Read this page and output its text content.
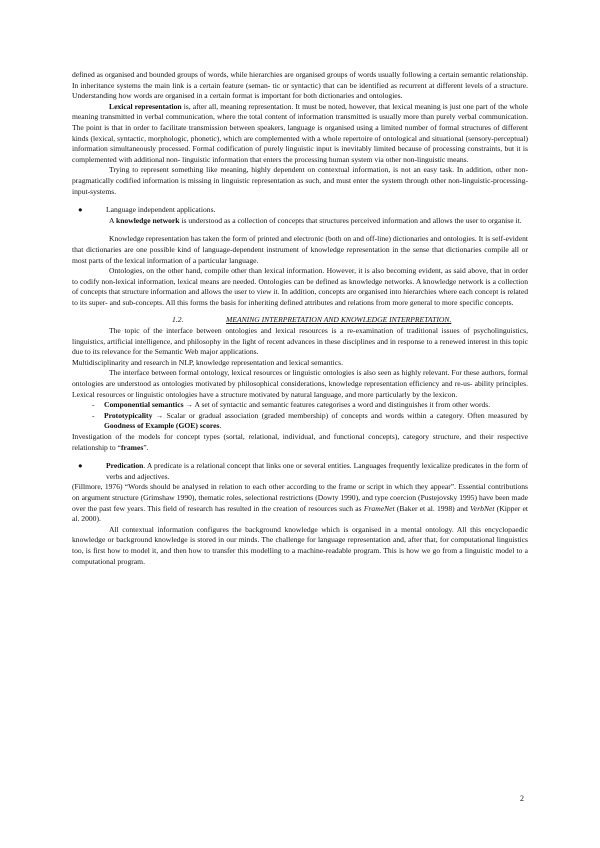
defined as organised and bounded groups of words, while hierarchies are organised groups of words usually following a certain semantic relationship. In inheritance systems the main link is a certain feature (seman- tic or syntactic) that can be identified as recurrent at different levels of a structure. Understanding how words are organised in a certain format is important for both dictionaries and ontologies.

Lexical representation is, after all, meaning representation. It must be noted, however, that lexical meaning is just one part of the whole meaning transmitted in verbal communication, where the total content of information transmitted is usually more than purely verbal communication. The point is that in order to facilitate transmission between speakers, language is organised using a limited number of formal structures of different kinds (lexical, syntactic, morphologic, phonetic), which are complemented with a whole repertoire of ontological and situational (sensory-perceptual) information simultaneously processed. Formal codification of purely linguistic input is inevitably limited because of processing constraints, but it is complemented with additional non- linguistic information that enters the processing human system via other non-linguistic means.

Trying to represent something like meaning, highly dependent on contextual information, is not an easy task. In addition, other non-pragmatically codified information is missing in linguistic representation as such, and must enter the system through other non-linguistic-processing-input-systems.

●	Language independent applications.

A knowledge network is understood as a collection of concepts that structures perceived information and allows the user to organise it.

Knowledge representation has taken the form of printed and electronic (both on and off-line) dictionaries and ontologies. It is self-evident that dictionaries are one possible kind of language-dependent instrument of knowledge representation in the sense that dictionaries compile all or most parts of the lexical information of a particular language.

Ontologies, on the other hand, compile other than lexical information. However, it is also becoming evident, as said above, that in order to codify non-lexical information, lexical means are needed. Ontologies can be defined as knowledge networks. A knowledge network is a collection of concepts that structure information and allows the user to view it. In addition, concepts are organised into hierarchies where each concept is related to its super- and sub-concepts. All this forms the basis for inheriting defined attributes and relations from more general to more specific concepts.

1.2.	MEANING INTERPRETATION AND KNOWLEDGE INTERPRETATION.

The topic of the interface between ontologies and lexical resources is a re-examination of traditional issues of psycholinguistics, linguistics, artificial intelligence, and philosophy in the light of recent advances in these disciplines and in response to a renewed interest in this topic due to its relevance for the Semantic Web major applications.

Multidisciplinarity and research in NLP, knowledge representation and lexical semantics.

The interface between formal ontology, lexical resources or linguistic ontologies is also seen as highly relevant. For these authors, formal ontologies are understood as ontologies motivated by philosophical considerations, knowledge representation efficiency and re-us- ability principles. Lexical resources or linguistic ontologies have a structure motivated by natural language, and more particularly by the lexicon.

-	Componential semantics → A set of syntactic and semantic features categorises a word and distinguishes it from other words.
-	Prototypicality → Scalar or gradual association (graded membership) of concepts and words within a category. Often measured by Goodness of Example (GOE) scores.

Investigation of the models for concept types (sortal, relational, individual, and functional concepts), category structure, and their respective relationship to “frames”.

●	Predication. A predicate is a relational concept that links one or several entities. Languages frequently lexicalize predicates in the form of verbs and adjectives.

(Fillmore, 1976) “Words should be analysed in relation to each other according to the frame or script in which they appear”. Essential contributions on argument structure (Grimshaw 1990), thematic roles, selectional restrictions (Dowty 1990), and type coercion (Pustejovsky 1995) have been made over the past few years. This field of research has resulted in the creation of resources such as FrameNet (Baker et al. 1998) and VerbNet (Kipper et al. 2000).

All contextual information configures the background knowledge which is organised in a mental ontology. All this encyclopaedic knowledge or background knowledge is stored in our minds. The challenge for language representation and, after that, for computational linguistics too, is first how to model it, and then how to transfer this modelling to a machine-readable program. This is how we go from a linguistic model to a computational program.

2
